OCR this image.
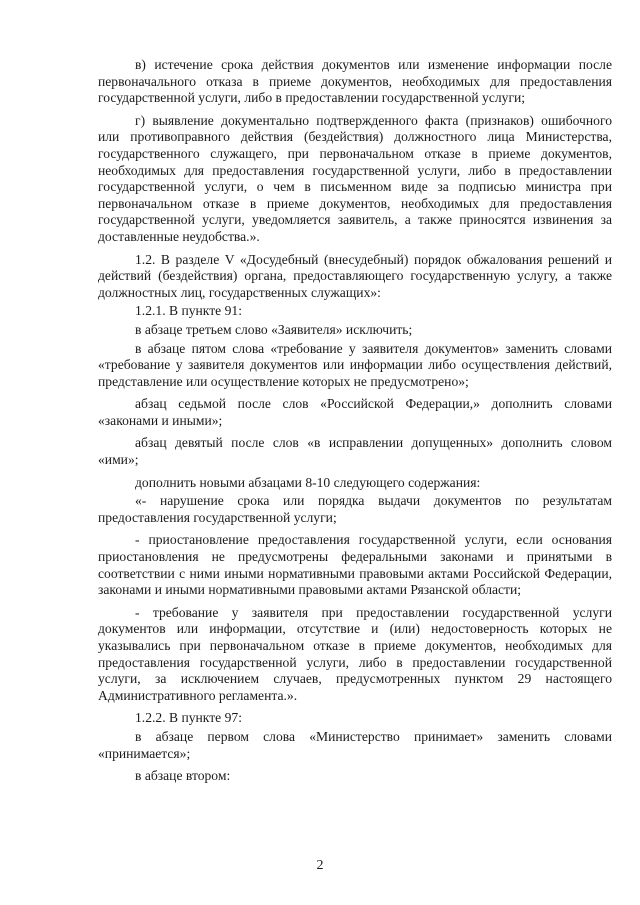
в) истечение срока действия документов или изменение информации после первоначального отказа в приеме документов, необходимых для предоставления государственной услуги, либо в предоставлении государственной услуги;

г) выявление документально подтвержденного факта (признаков) ошибочного или противоправного действия (бездействия) должностного лица Министерства, государственного служащего, при первоначальном отказе в приеме документов, необходимых для предоставления государственной услуги, либо в предоставлении государственной услуги, о чем в письменном виде за подписью министра при первоначальном отказе в приеме документов, необходимых для предоставления государственной услуги, уведомляется заявитель, а также приносятся извинения за доставленные неудобства.».

1.2. В разделе V «Досудебный (внесудебный) порядок обжалования решений и действий (бездействия) органа, предоставляющего государственную услугу, а также должностных лиц, государственных служащих»:

1.2.1. В пункте 91:

в абзаце третьем слово «Заявителя» исключить;

в абзаце пятом слова «требование у заявителя документов» заменить словами «требование у заявителя документов или информации либо осуществления действий, представление или осуществление которых не предусмотрено»;

абзац седьмой после слов «Российской Федерации,» дополнить словами «законами и иными»;

абзац девятый после слов «в исправлении допущенных» дополнить словом «ими»;

дополнить новыми абзацами 8-10 следующего содержания:

«- нарушение срока или порядка выдачи документов по результатам предоставления государственной услуги;

- приостановление предоставления государственной услуги, если основания приостановления не предусмотрены федеральными законами и принятыми в соответствии с ними иными нормативными правовыми актами Российской Федерации, законами и иными нормативными правовыми актами Рязанской области;

- требование у заявителя при предоставлении государственной услуги документов или информации, отсутствие и (или) недостоверность которых не указывались при первоначальном отказе в приеме документов, необходимых для предоставления государственной услуги, либо в предоставлении государственной услуги, за исключением случаев, предусмотренных пунктом 29 настоящего Административного регламента.».

1.2.2. В пункте 97:

в абзаце первом слова «Министерство принимает» заменить словами «принимается»;

в абзаце втором:

2
